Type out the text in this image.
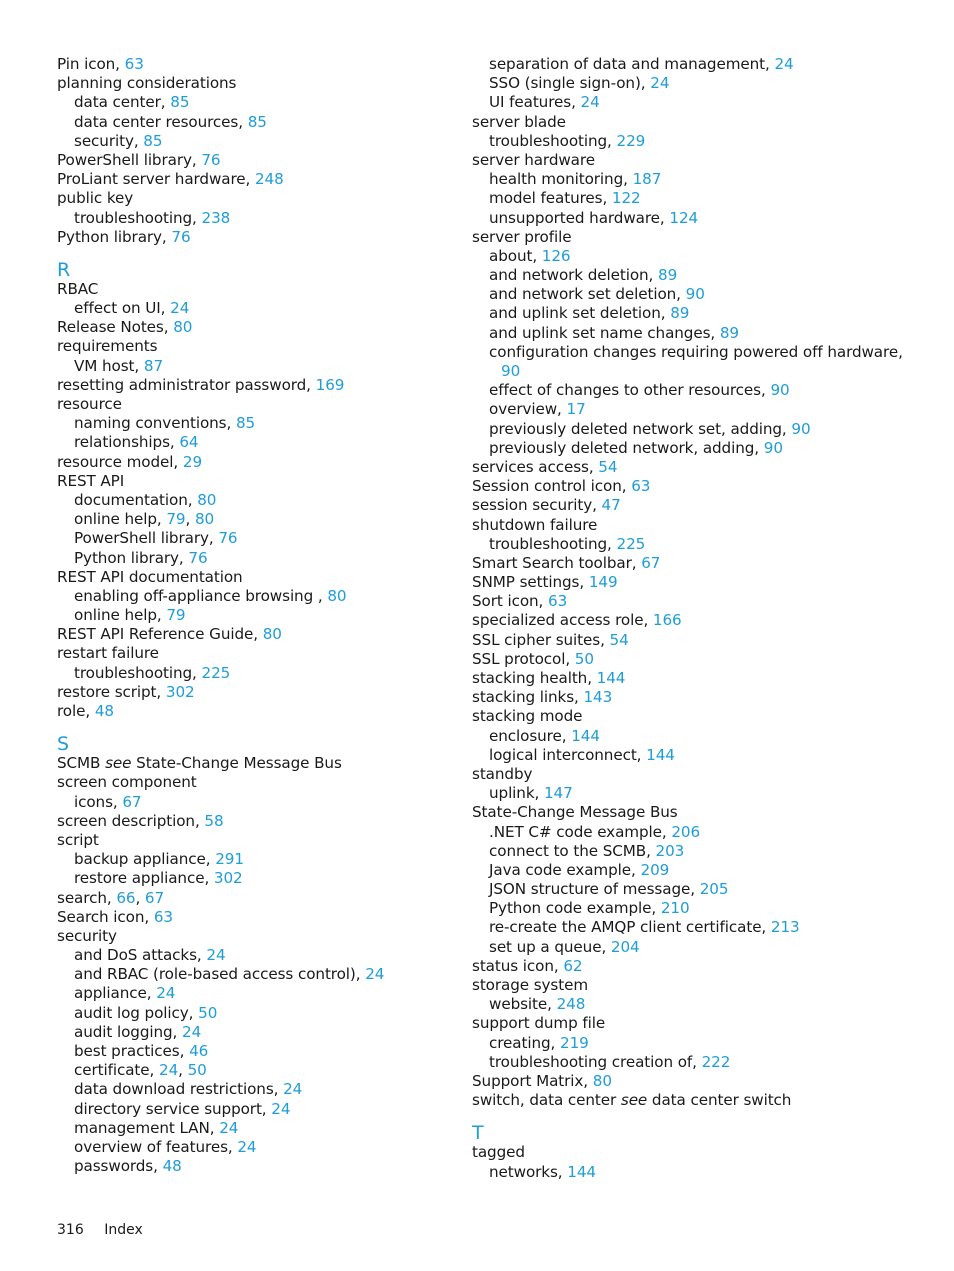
Pin icon, 63
planning considerations
data center, 85
data center resources, 85
security, 85
PowerShell library, 76
ProLiant server hardware, 248
public key
troubleshooting, 238
Python library, 76
R
RBAC
effect on UI, 24
Release Notes, 80
requirements
VM host, 87
resetting administrator password, 169
resource
naming conventions, 85
relationships, 64
resource model, 29
REST API
documentation, 80
online help, 79, 80
PowerShell library, 76
Python library, 76
REST API documentation
enabling off-appliance browsing , 80
online help, 79
REST API Reference Guide, 80
restart failure
troubleshooting, 225
restore script, 302
role, 48
S
SCMB see State-Change Message Bus
screen component
icons, 67
screen description, 58
script
backup appliance, 291
restore appliance, 302
search, 66, 67
Search icon, 63
security
and DoS attacks, 24
and RBAC (role-based access control), 24
appliance, 24
audit log policy, 50
audit logging, 24
best practices, 46
certificate, 24, 50
data download restrictions, 24
directory service support, 24
management LAN, 24
overview of features, 24
passwords, 48
separation of data and management, 24
SSO (single sign-on), 24
UI features, 24
server blade
troubleshooting, 229
server hardware
health monitoring, 187
model features, 122
unsupported hardware, 124
server profile
about, 126
and network deletion, 89
and network set deletion, 90
and uplink set deletion, 89
and uplink set name changes, 89
configuration changes requiring powered off hardware,
90
effect of changes to other resources, 90
overview, 17
previously deleted network set, adding, 90
previously deleted network, adding, 90
services access, 54
Session control icon, 63
session security, 47
shutdown failure
troubleshooting, 225
Smart Search toolbar, 67
SNMP settings, 149
Sort icon, 63
specialized access role, 166
SSL cipher suites, 54
SSL protocol, 50
stacking health, 144
stacking links, 143
stacking mode
enclosure, 144
logical interconnect, 144
standby
uplink, 147
State-Change Message Bus
.NET C# code example, 206
connect to the SCMB, 203
Java code example, 209
JSON structure of message, 205
Python code example, 210
re-create the AMQP client certificate, 213
set up a queue, 204
status icon, 62
storage system
website, 248
support dump file
creating, 219
troubleshooting creation of, 222
Support Matrix, 80
switch, data center see data center switch
T
tagged
networks, 144
316 Index
